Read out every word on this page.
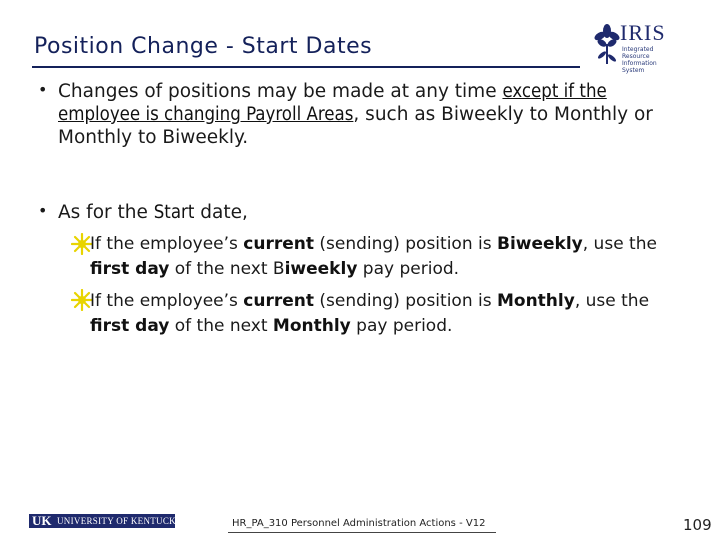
Position Change - Start Dates
IRIS
Integrated Resource Information System
• Changes of positions may be made at any time except if the employee is changing Payroll Areas, such as Biweekly to Monthly or Monthly to Biweekly.
• As for the Start date,
If the employee’s current (sending) position is Biweekly, use the first day of the next Biweekly pay period.
If the employee’s current (sending) position is Monthly, use the first day of the next Monthly pay period.
UK UNIVERSITY OF KENTUCKY	HR_PA_310 Personnel Administration Actions - V12	109
